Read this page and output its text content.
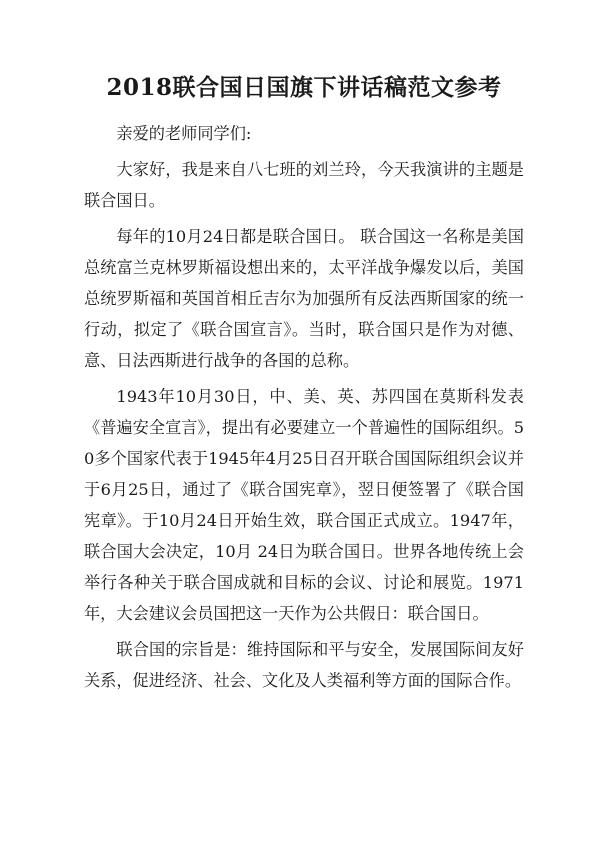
2018联合国日国旗下讲话稿范文参考

亲爱的老师同学们:

大家好，我是来自八七班的刘兰玲，今天我演讲的主题是联合国日。

每年的10月24日都是联合国日。 联合国这一名称是美国总统富兰克林罗斯福设想出来的，太平洋战争爆发以后，美国总统罗斯福和英国首相丘吉尔为加强所有反法西斯国家的统一行动，拟定了《联合国宣言》。当时，联合国只是作为对德、意、日法西斯进行战争的各国的总称。

1943年10月30日，中、美、英、苏四国在莫斯科发表《普遍安全宣言》，提出有必要建立一个普遍性的国际组织。50多个国家代表于1945年4月25日召开联合国国际组织会议并于6月25日，通过了《联合国宪章》，翌日便签署了《联合国宪章》。于10月24日开始生效，联合国正式成立。1947年，联合国大会决定，10月 24日为联合国日。世界各地传统上会举行各种关于联合国成就和目标的会议、讨论和展览。1971年，大会建议会员国把这一天作为公共假日：联合国日。

联合国的宗旨是：维持国际和平与安全，发展国际间友好关系，促进经济、社会、文化及人类福利等方面的国际合作。
